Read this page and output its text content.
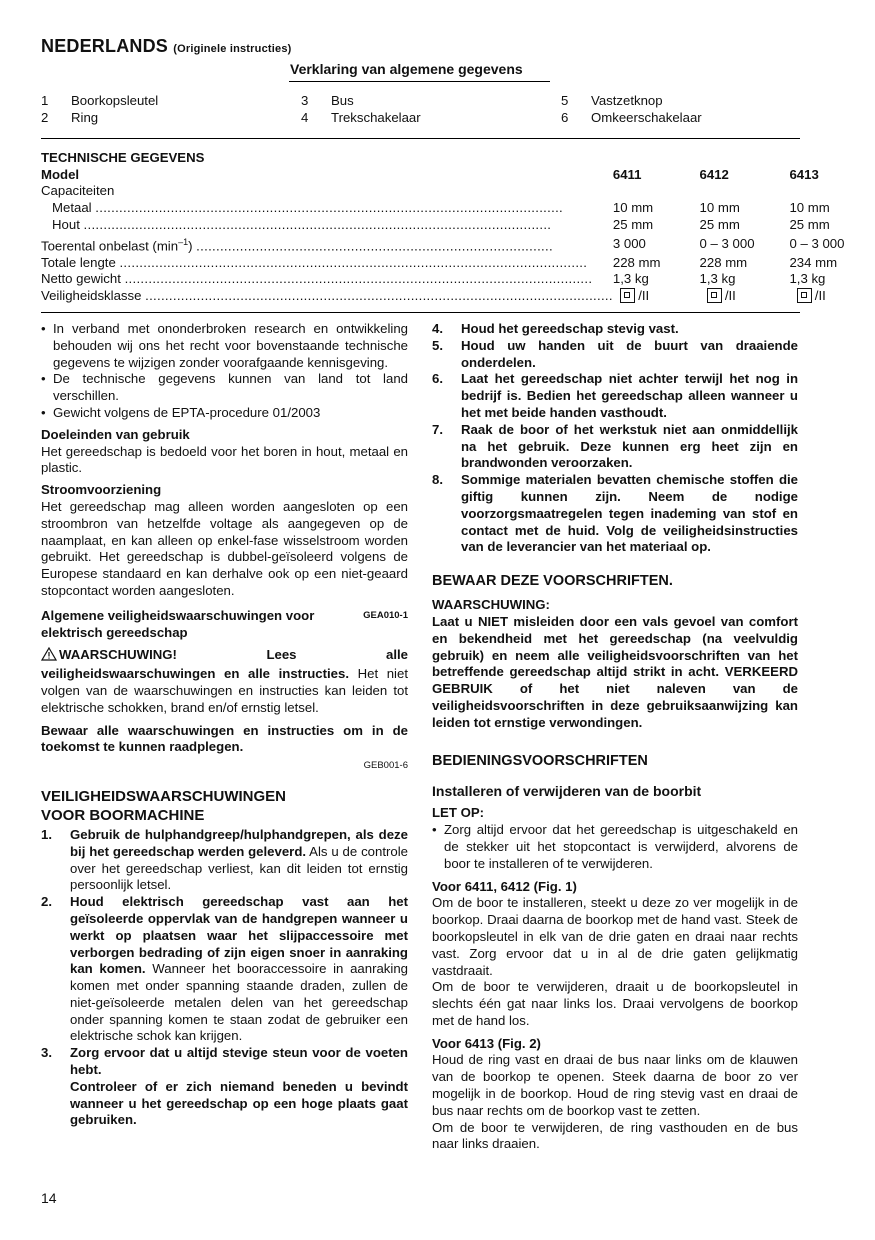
NEDERLANDS (Originele instructies)
Verklaring van algemene gegevens
1 Boorkopsleutel
2 Ring
3 Bus
4 Trekschakelaar
5 Vastzetknop
6 Omkeerschakelaar
TECHNISCHE GEGEVENS			
Model	6411	6412	6413
Capaciteiten			
Metaal ......................................................................................................................	10 mm	10 mm	10 mm
Hout ......................................................................................................................	25 mm	25 mm	25 mm
Toerental onbelast $(\min^{-1})$ ..........................................................................................	3 000	0 – 3 000	0 – 3 000
Totale lengte ......................................................................................................................	228 mm	228 mm	234 mm
Netto gewicht ......................................................................................................................	1,3 kg	1,3 kg	1,3 kg
Veiligheidsklasse ......................................................................................................................	/II	/II	/II
• In verband met ononderbroken research en ontwikkeling behouden wij ons het recht voor bovenstaande technische gegevens te wijzigen zonder voorafgaande kennisgeving.
• De technische gegevens kunnen van land tot land verschillen.
• Gewicht volgens de EPTA-procedure 01/2003

Doeleinden van gebruik

Het gereedschap is bedoeld voor het boren in hout, metaal en plastic.

Stroomvoorziening

Het gereedschap mag alleen worden aangesloten op een stroombron van hetzelfde voltage als aangegeven op de naamplaat, en kan alleen op enkel-fase wisselstroom worden gebruikt. Het gereedschap is dubbel-geïsoleerd volgens de Europese standaard en kan derhalve ook op een niet-geaard stopcontact worden aangesloten.

GEA010-1
Algemene veiligheidswaarschuwingen voor elektrisch gereedschap

WAARSCHUWING! Lees alle veiligheidswaarschuwingen en alle instructies. Het niet volgen van de waarschuwingen en instructies kan leiden tot elektrische schokken, brand en/of ernstig letsel.

Bewaar alle waarschuwingen en instructies om in de toekomst te kunnen raadplegen.

GEB001-6

VEILIGHEIDSWAARSCHUWINGEN

VOOR BOORMACHINE

1. Gebruik de hulphandgreep/hulphandgrepen, als deze bij het gereedschap werden geleverd. Als u de controle over het gereedschap verliest, kan dit leiden tot ernstig persoonlijk letsel.
2. Houd elektrisch gereedschap vast aan het geïsoleerde oppervlak van de handgrepen wanneer u werkt op plaatsen waar het slijpaccessoire met verborgen bedrading of zijn eigen snoer in aanraking kan komen. Wanneer het booraccessoire in aanraking komen met onder spanning staande draden, zullen de niet-geïsoleerde metalen delen van het gereedschap onder spanning komen te staan zodat de gebruiker een elektrische schok kan krijgen.
3. Zorg ervoor dat u altijd stevige steun voor de voeten hebt.
Controleer of er zich niemand beneden u bevindt wanneer u het gereedschap op een hoge plaats gaat gebruiken.
4. Houd het gereedschap stevig vast.
5. Houd uw handen uit de buurt van draaiende onderdelen.
6. Laat het gereedschap niet achter terwijl het nog in bedrijf is. Bedien het gereedschap alleen wanneer u het met beide handen vasthoudt.
7. Raak de boor of het werkstuk niet aan onmiddellijk na het gebruik. Deze kunnen erg heet zijn en brandwonden veroorzaken.
8. Sommige materialen bevatten chemische stoffen die giftig kunnen zijn. Neem de nodige voorzorgsmaatregelen tegen inademing van stof en contact met de huid. Volg de veiligheidsinstructies van de leverancier van het materiaal op.

BEWAAR DEZE VOORSCHRIFTEN.

WAARSCHUWING:

Laat u NIET misleiden door een vals gevoel van comfort en bekendheid met het gereedschap (na veelvuldig gebruik) en neem alle veiligheidsvoorschriften van het betreffende gereedschap altijd strikt in acht. VERKEERD GEBRUIK of het niet naleven van de veiligheidsvoorschriften in deze gebruiksaanwijzing kan leiden tot ernstige verwondingen.

BEDIENINGSVOORSCHRIFTEN

Installeren of verwijderen van de boorbit

LET OP:

• Zorg altijd ervoor dat het gereedschap is uitgeschakeld en de stekker uit het stopcontact is verwijderd, alvorens de boor te installeren of te verwijderen.

Voor 6411, 6412 (Fig. 1)

Om de boor te installeren, steekt u deze zo ver mogelijk in de boorkop. Draai daarna de boorkop met de hand vast. Steek de boorkopsleutel in elk van de drie gaten en draai naar rechts vast. Zorg ervoor dat u in al de drie gaten gelijkmatig vastdraait.

Om de boor te verwijderen, draait u de boorkopsleutel in slechts één gat naar links los. Draai vervolgens de boorkop met de hand los.

Voor 6413 (Fig. 2)

Houd de ring vast en draai de bus naar links om de klauwen van de boorkop te openen. Steek daarna de boor zo ver mogelijk in de boorkop. Houd de ring stevig vast en draai de bus naar rechts om de boorkop vast te zetten.

Om de boor te verwijderen, de ring vasthouden en de bus naar links draaien.

14
